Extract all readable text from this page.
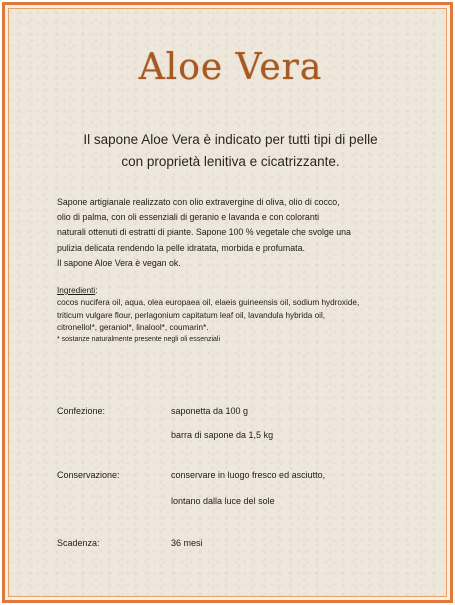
Aloe Vera
Il sapone Aloe Vera è indicato per tutti tipi di pelle
con proprietà lenitiva e cicatrizzante.
Sapone artigianale realizzato con olio extravergine di oliva, olio di cocco,
olio di palma, con oli essenziali di geranio e lavanda e con coloranti
naturali ottenuti di estratti di piante. Sapone 100 % vegetale che svolge una
pulizia delicata rendendo la pelle idratata, morbida e profumata.
Il sapone Aloe Vera è vegan ok.
Ingredienti:
cocos nucifera oil, aqua, olea europaea oil, elaeis guineensis oil, sodium hydroxide,
triticum vulgare flour, perlagonium capitatum leaf oil, lavandula hybrida oil,
citronellol*, geraniol*, linalool*, coumarin*.
* sostanze naturalmente presente negli oli essenziali
Confezione:	saponetta da 100 g
barra di sapone da 1,5 kg
Conservazione:	conservare in luogo fresco ed asciutto,
lontano dalla luce del sole
Scadenza:	36 mesi
